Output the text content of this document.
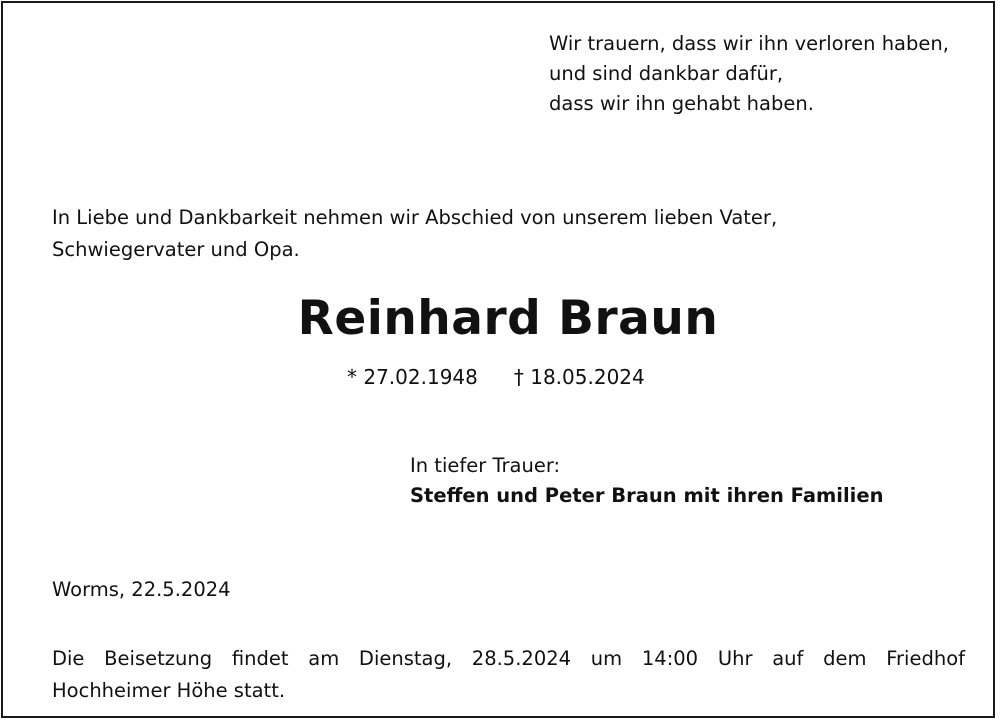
Wir trauern, dass wir ihn verloren haben,
und sind dankbar dafür,
dass wir ihn gehabt haben.
In Liebe und Dankbarkeit nehmen wir Abschied von unserem lieben Vater,
Schwiegervater und Opa.
Reinhard Braun
* 27.02.1948 † 18.05.2024
In tiefer Trauer:
Steffen und Peter Braun mit ihren Familien
Worms, 22.5.2024
Die Beisetzung findet am Dienstag, 28.5.2024 um 14:00 Uhr auf dem Friedhof
Hochheimer Höhe statt.
